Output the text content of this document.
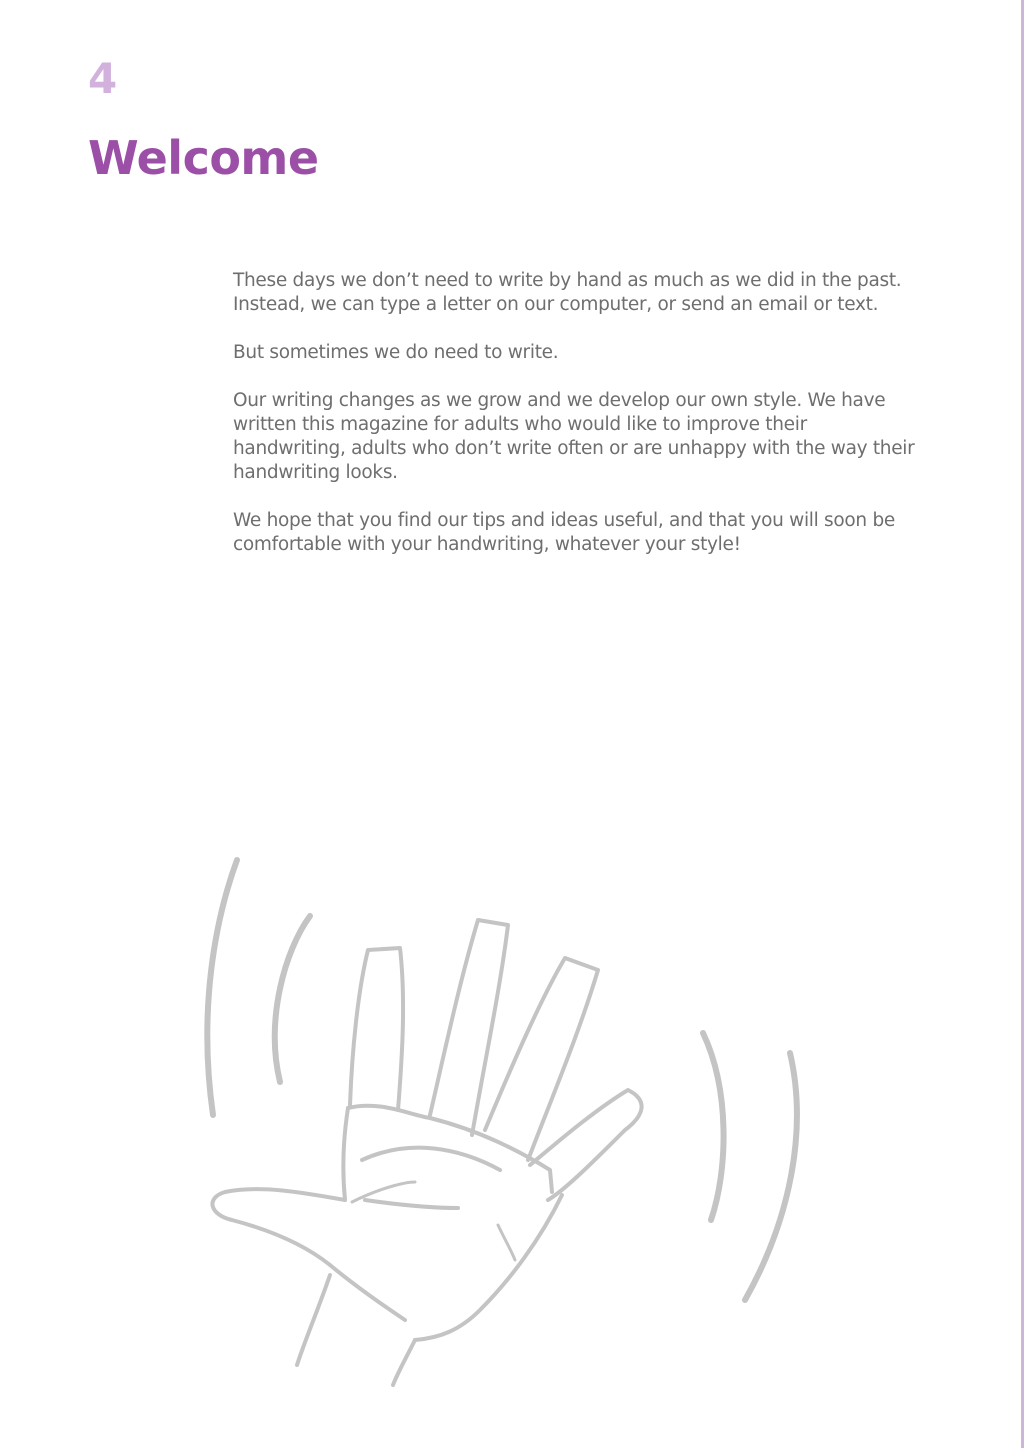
4
Welcome

These days we don’t need to write by hand as much as we did in the past. Instead, we can type a letter on our computer, or send an email or text.

But sometimes we do need to write.

Our writing changes as we grow and we develop our own style. We have written this magazine for adults who would like to improve their handwriting, adults who don’t write often or are unhappy with the way their handwriting looks.

We hope that you find our tips and ideas useful, and that you will soon be comfortable with your handwriting, whatever your style!
